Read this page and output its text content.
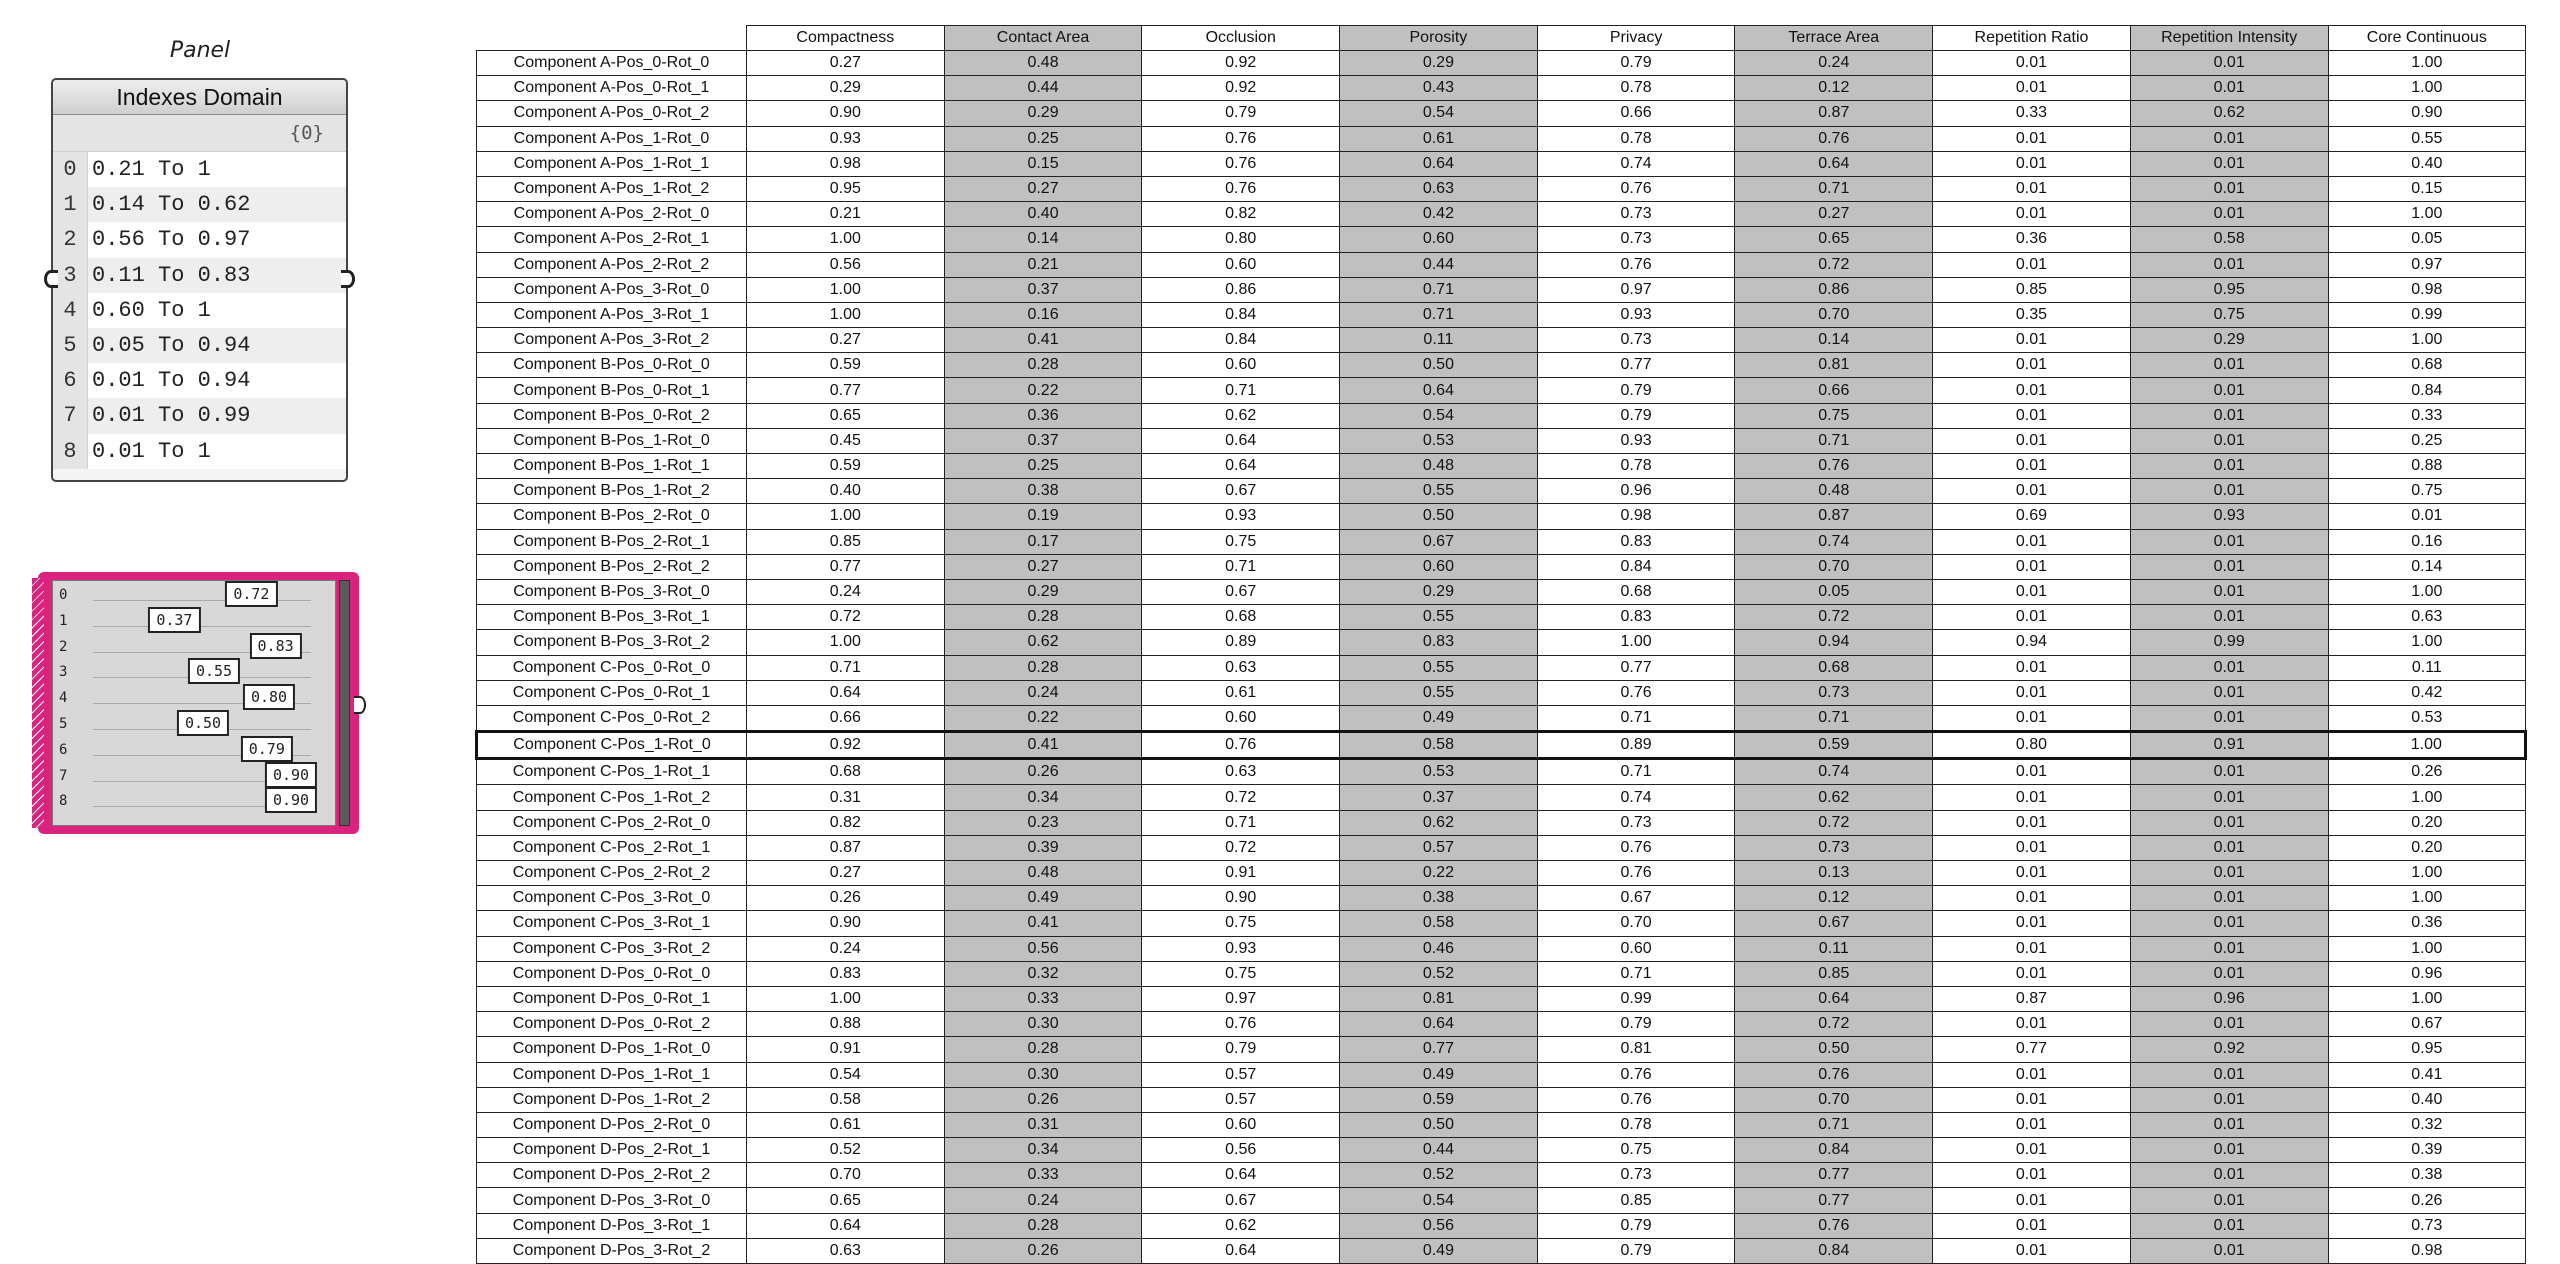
Panel
Indexes Domain
{0}
0 0.21 To 1
1 0.14 To 0.62
2 0.56 To 0.97
3 0.11 To 0.83
4 0.60 To 1
5 0.05 To 0.94
6 0.01 To 0.94
7 0.01 To 0.99
8 0.01 To 1
0	0.72
1	0.37
2	0.83
3	0.55
4	0.80
5	0.50
6	0.79
7	0.90
8	0.90
	Compactness	Contact Area	Occlusion	Porosity	Privacy	Terrace Area	Repetition Ratio	Repetition Intensity	Core Continuous
Component A-Pos_0-Rot_0	0.27	0.48	0.92	0.29	0.79	0.24	0.01	0.01	1.00
Component A-Pos_0-Rot_1	0.29	0.44	0.92	0.43	0.78	0.12	0.01	0.01	1.00
Component A-Pos_0-Rot_2	0.90	0.29	0.79	0.54	0.66	0.87	0.33	0.62	0.90
Component A-Pos_1-Rot_0	0.93	0.25	0.76	0.61	0.78	0.76	0.01	0.01	0.55
Component A-Pos_1-Rot_1	0.98	0.15	0.76	0.64	0.74	0.64	0.01	0.01	0.40
Component A-Pos_1-Rot_2	0.95	0.27	0.76	0.63	0.76	0.71	0.01	0.01	0.15
Component A-Pos_2-Rot_0	0.21	0.40	0.82	0.42	0.73	0.27	0.01	0.01	1.00
Component A-Pos_2-Rot_1	1.00	0.14	0.80	0.60	0.73	0.65	0.36	0.58	0.05
Component A-Pos_2-Rot_2	0.56	0.21	0.60	0.44	0.76	0.72	0.01	0.01	0.97
Component A-Pos_3-Rot_0	1.00	0.37	0.86	0.71	0.97	0.86	0.85	0.95	0.98
Component A-Pos_3-Rot_1	1.00	0.16	0.84	0.71	0.93	0.70	0.35	0.75	0.99
Component A-Pos_3-Rot_2	0.27	0.41	0.84	0.11	0.73	0.14	0.01	0.29	1.00
Component B-Pos_0-Rot_0	0.59	0.28	0.60	0.50	0.77	0.81	0.01	0.01	0.68
Component B-Pos_0-Rot_1	0.77	0.22	0.71	0.64	0.79	0.66	0.01	0.01	0.84
Component B-Pos_0-Rot_2	0.65	0.36	0.62	0.54	0.79	0.75	0.01	0.01	0.33
Component B-Pos_1-Rot_0	0.45	0.37	0.64	0.53	0.93	0.71	0.01	0.01	0.25
Component B-Pos_1-Rot_1	0.59	0.25	0.64	0.48	0.78	0.76	0.01	0.01	0.88
Component B-Pos_1-Rot_2	0.40	0.38	0.67	0.55	0.96	0.48	0.01	0.01	0.75
Component B-Pos_2-Rot_0	1.00	0.19	0.93	0.50	0.98	0.87	0.69	0.93	0.01
Component B-Pos_2-Rot_1	0.85	0.17	0.75	0.67	0.83	0.74	0.01	0.01	0.16
Component B-Pos_2-Rot_2	0.77	0.27	0.71	0.60	0.84	0.70	0.01	0.01	0.14
Component B-Pos_3-Rot_0	0.24	0.29	0.67	0.29	0.68	0.05	0.01	0.01	1.00
Component B-Pos_3-Rot_1	0.72	0.28	0.68	0.55	0.83	0.72	0.01	0.01	0.63
Component B-Pos_3-Rot_2	1.00	0.62	0.89	0.83	1.00	0.94	0.94	0.99	1.00
Component C-Pos_0-Rot_0	0.71	0.28	0.63	0.55	0.77	0.68	0.01	0.01	0.11
Component C-Pos_0-Rot_1	0.64	0.24	0.61	0.55	0.76	0.73	0.01	0.01	0.42
Component C-Pos_0-Rot_2	0.66	0.22	0.60	0.49	0.71	0.71	0.01	0.01	0.53
Component C-Pos_1-Rot_0	0.92	0.41	0.76	0.58	0.89	0.59	0.80	0.91	1.00
Component C-Pos_1-Rot_1	0.68	0.26	0.63	0.53	0.71	0.74	0.01	0.01	0.26
Component C-Pos_1-Rot_2	0.31	0.34	0.72	0.37	0.74	0.62	0.01	0.01	1.00
Component C-Pos_2-Rot_0	0.82	0.23	0.71	0.62	0.73	0.72	0.01	0.01	0.20
Component C-Pos_2-Rot_1	0.87	0.39	0.72	0.57	0.76	0.73	0.01	0.01	0.20
Component C-Pos_2-Rot_2	0.27	0.48	0.91	0.22	0.76	0.13	0.01	0.01	1.00
Component C-Pos_3-Rot_0	0.26	0.49	0.90	0.38	0.67	0.12	0.01	0.01	1.00
Component C-Pos_3-Rot_1	0.90	0.41	0.75	0.58	0.70	0.67	0.01	0.01	0.36
Component C-Pos_3-Rot_2	0.24	0.56	0.93	0.46	0.60	0.11	0.01	0.01	1.00
Component D-Pos_0-Rot_0	0.83	0.32	0.75	0.52	0.71	0.85	0.01	0.01	0.96
Component D-Pos_0-Rot_1	1.00	0.33	0.97	0.81	0.99	0.64	0.87	0.96	1.00
Component D-Pos_0-Rot_2	0.88	0.30	0.76	0.64	0.79	0.72	0.01	0.01	0.67
Component D-Pos_1-Rot_0	0.91	0.28	0.79	0.77	0.81	0.50	0.77	0.92	0.95
Component D-Pos_1-Rot_1	0.54	0.30	0.57	0.49	0.76	0.76	0.01	0.01	0.41
Component D-Pos_1-Rot_2	0.58	0.26	0.57	0.59	0.76	0.70	0.01	0.01	0.40
Component D-Pos_2-Rot_0	0.61	0.31	0.60	0.50	0.78	0.71	0.01	0.01	0.32
Component D-Pos_2-Rot_1	0.52	0.34	0.56	0.44	0.75	0.84	0.01	0.01	0.39
Component D-Pos_2-Rot_2	0.70	0.33	0.64	0.52	0.73	0.77	0.01	0.01	0.38
Component D-Pos_3-Rot_0	0.65	0.24	0.67	0.54	0.85	0.77	0.01	0.01	0.26
Component D-Pos_3-Rot_1	0.64	0.28	0.62	0.56	0.79	0.76	0.01	0.01	0.73
Component D-Pos_3-Rot_2	0.63	0.26	0.64	0.49	0.79	0.84	0.01	0.01	0.98
